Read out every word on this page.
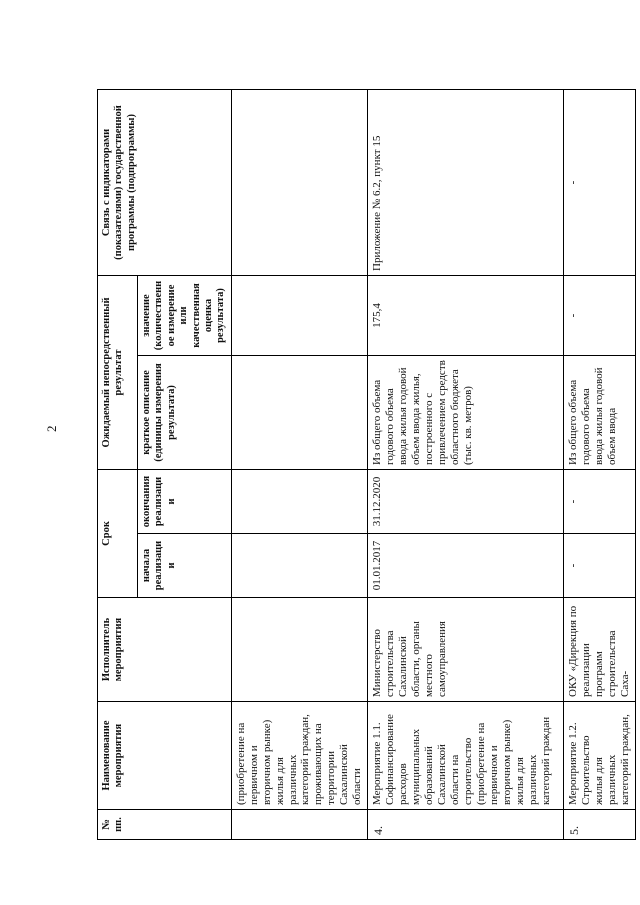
2
№ пп.	Наименование мероприятия	Исполнитель мероприятия	Срок		Ожидаемый непосредственный результат		Связь с индикаторами (показателями) государственной программы (подпрограммы)
			начала реализации	окончания реализации	краткое описание (единицы измерения результата)	значение (количественное измерение или качественная оценка результата)	
	(приобретение на первичном и вторичном рынке) жилья для различных категорий граждан, проживающих на территории Сахалинской области						
4.	Мероприятие 1.1. Софинансирование расходов муниципальных образований Сахалинской области на строительство (приобретение на первичном и вторичном рынке) жилья для различных категорий граждан	Министерство строительства Сахалинской области, органы местного самоуправления	01.01.2017	31.12.2020	Из общего объема годового объема ввода жилья годовой объем ввода жилья, построенного с привлечением средств областного бюджета (тыс. кв. метров)	175,4	Приложение № 6.2, пункт 15
5.	Мероприятие 1.2. Строительство жилья для различных категорий граждан,	ОКУ «Дирекция по реализации программ строительства Саха-	-	-	Из общего объема годового объема ввода жилья годовой объем ввода	-	-
